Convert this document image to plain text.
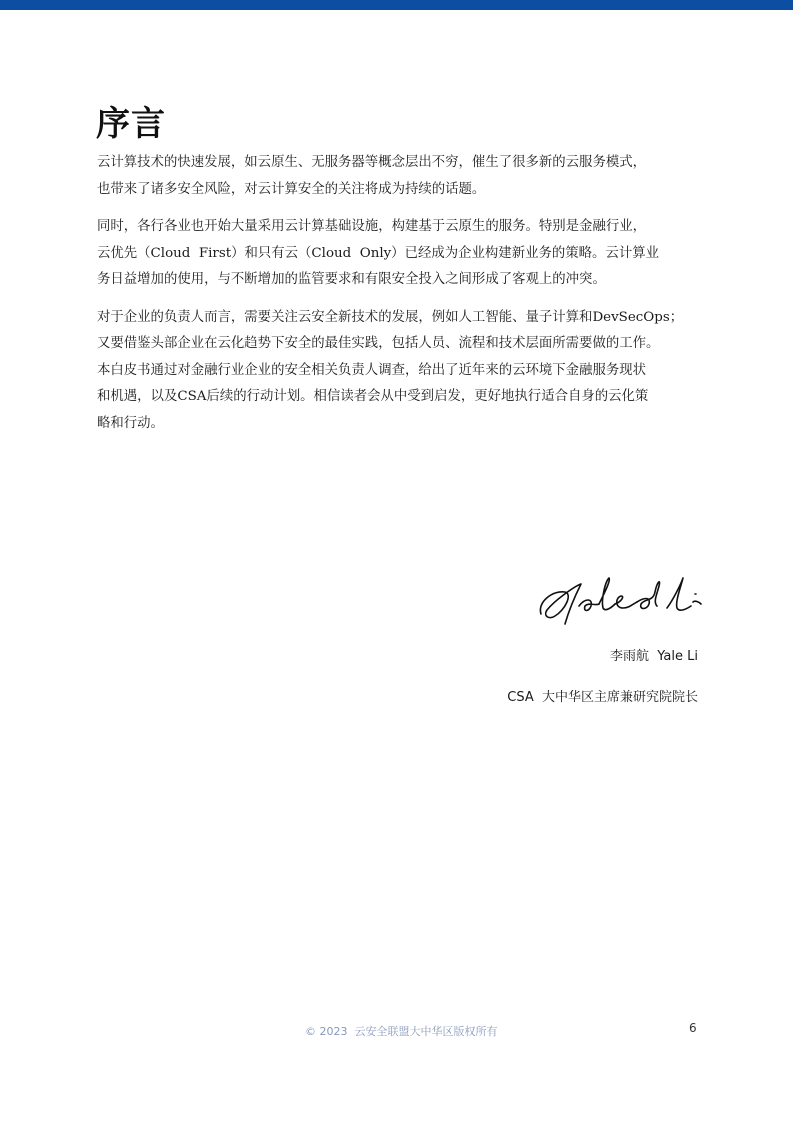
序言

云计算技术的快速发展，如云原生、无服务器等概念层出不穷，催生了很多新的云服务模式，
也带来了诸多安全风险，对云计算安全的关注将成为持续的话题。

同时，各行各业也开始大量采用云计算基础设施，构建基于云原生的服务。特别是金融行业，
云优先（Cloud  First）和只有云（Cloud  Only）已经成为企业构建新业务的策略。云计算业
务日益增加的使用，与不断增加的监管要求和有限安全投入之间形成了客观上的冲突。

对于企业的负责人而言，需要关注云安全新技术的发展，例如人工智能、量子计算和DevSecOps；
又要借鉴头部企业在云化趋势下安全的最佳实践，包括人员、流程和技术层面所需要做的工作。
本白皮书通过对金融行业企业的安全相关负责人调查，给出了近年来的云环境下金融服务现状
和机遇，以及CSA后续的行动计划。相信读者会从中受到启发，更好地执行适合自身的云化策
略和行动。

李雨航  Yale Li
CSA  大中华区主席兼研究院院长
© 2023  云安全联盟大中华区版权所有	6
